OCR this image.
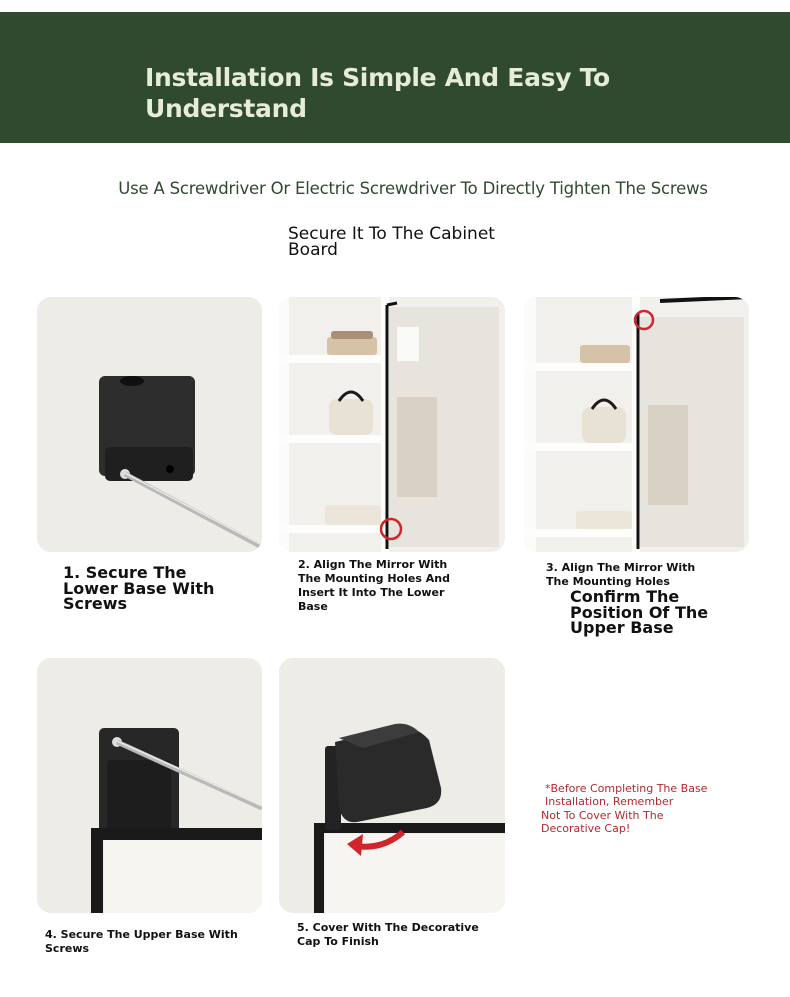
Installation Is Simple And Easy To Understand
Use A Screwdriver Or Electric Screwdriver To Directly Tighten The Screws
Secure It To The Cabinet Board
1. Secure The Lower Base With Screws
2. Align The Mirror With The Mounting Holes And Insert It Into The Lower Base
3. Align The Mirror With The Mounting Holes
Confirm The Position Of The Upper Base
4. Secure The Upper Base With Screws
5. Cover With The Decorative Cap To Finish
*Before Completing The Base Installation, Remember
Not To Cover With The Decorative Cap!
